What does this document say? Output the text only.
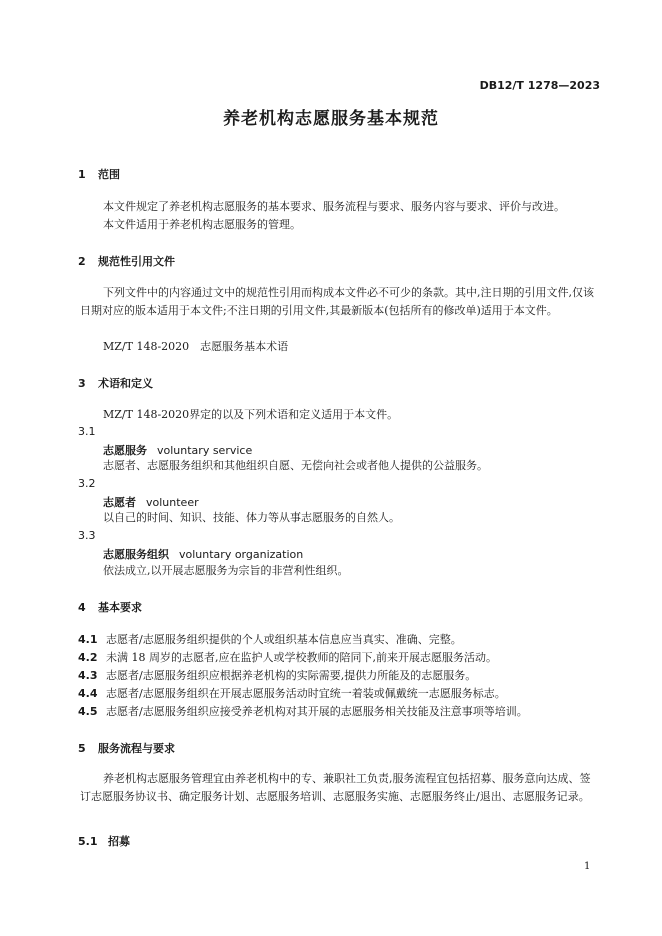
DB12/T 1278—2023
养老机构志愿服务基本规范
1 范围
本文件规定了养老机构志愿服务的基本要求、服务流程与要求、服务内容与要求、评价与改进。
本文件适用于养老机构志愿服务的管理。
2 规范性引用文件
下列文件中的内容通过文中的规范性引用而构成本文件必不可少的条款。其中,注日期的引用文件,仅该日期对应的版本适用于本文件;不注日期的引用文件,其最新版本(包括所有的修改单)适用于本文件。
MZ/T 148-2020　志愿服务基本术语
3 术语和定义
MZ/T 148-2020界定的以及下列术语和定义适用于本文件。
3.1
志愿服务 voluntary service
志愿者、志愿服务组织和其他组织自愿、无偿向社会或者他人提供的公益服务。
3.2
志愿者 volunteer
以自己的时间、知识、技能、体力等从事志愿服务的自然人。
3.3
志愿服务组织 voluntary organization
依法成立,以开展志愿服务为宗旨的非营利性组织。
4 基本要求
4.1 志愿者/志愿服务组织提供的个人或组织基本信息应当真实、准确、完整。
4.2 未满 18 周岁的志愿者,应在监护人或学校教师的陪同下,前来开展志愿服务活动。
4.3 志愿者/志愿服务组织应根据养老机构的实际需要,提供力所能及的志愿服务。
4.4 志愿者/志愿服务组织在开展志愿服务活动时宜统一着装或佩戴统一志愿服务标志。
4.5 志愿者/志愿服务组织应接受养老机构对其开展的志愿服务相关技能及注意事项等培训。
5 服务流程与要求
养老机构志愿服务管理宜由养老机构中的专、兼职社工负责,服务流程宜包括招募、服务意向达成、签订志愿服务协议书、确定服务计划、志愿服务培训、志愿服务实施、志愿服务终止/退出、志愿服务记录。
5.1 招募
1
